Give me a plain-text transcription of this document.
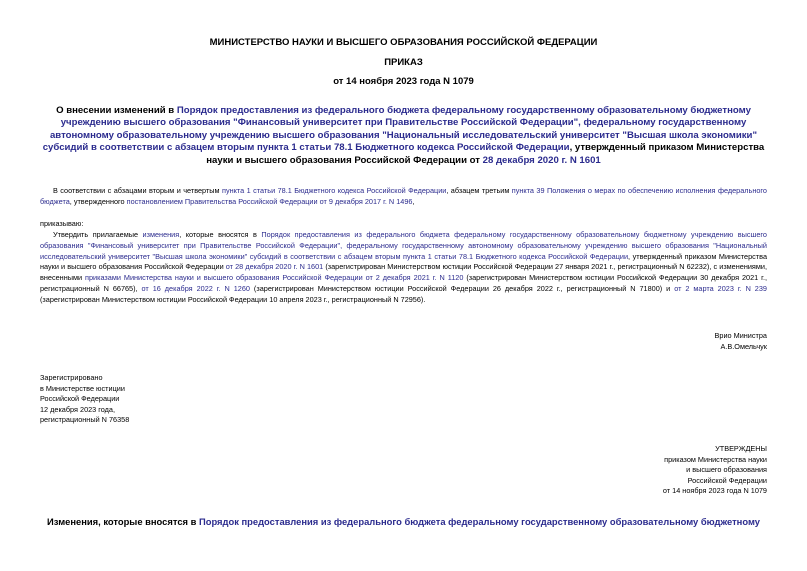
МИНИСТЕРСТВО НАУКИ И ВЫСШЕГО ОБРАЗОВАНИЯ РОССИЙСКОЙ ФЕДЕРАЦИИ
ПРИКАЗ
от 14 ноября 2023 года N 1079
О внесении изменений в Порядок предоставления из федерального бюджета федеральному государственному образовательному бюджетному учреждению высшего образования "Финансовый университет при Правительстве Российской Федерации", федеральному государственному автономному образовательному учреждению высшего образования "Национальный исследовательский университет "Высшая школа экономики" субсидий в соответствии с абзацем вторым пункта 1 статьи 78.1 Бюджетного кодекса Российской Федерации, утвержденный приказом Министерства науки и высшего образования Российской Федерации от 28 декабря 2020 г. N 1601
В соответствии с абзацами вторым и четвертым пункта 1 статьи 78.1 Бюджетного кодекса Российской Федерации, абзацем третьим пункта 39 Положения о мерах по обеспечению исполнения федерального бюджета, утвержденного постановлением Правительства Российской Федерации от 9 декабря 2017 г. N 1496,
приказываю:
Утвердить прилагаемые изменения, которые вносятся в Порядок предоставления из федерального бюджета федеральному государственному образовательному бюджетному учреждению высшего образования "Финансовый университет при Правительстве Российской Федерации", федеральному государственному автономному образовательному учреждению высшего образования "Национальный исследовательский университет "Высшая школа экономики" субсидий в соответствии с абзацем вторым пункта 1 статьи 78.1 Бюджетного кодекса Российской Федерации, утвержденный приказом Министерства науки и высшего образования Российской Федерации от 28 декабря 2020 г. N 1601 (зарегистрирован Министерством юстиции Российской Федерации 27 января 2021 г., регистрационный N 62232), с изменениями, внесенными приказами Министерства науки и высшего образования Российской Федерации от 2 декабря 2021 г. N 1120 (зарегистрирован Министерством юстиции Российской Федерации 30 декабря 2021 г., регистрационный N 66765), от 16 декабря 2022 г. N 1260 (зарегистрирован Министерством юстиции Российской Федерации 26 декабря 2022 г., регистрационный N 71800) и от 2 марта 2023 г. N 239 (зарегистрирован Министерством юстиции Российской Федерации 10 апреля 2023 г., регистрационный N 72956).
Врио Министра
А.В.Омельчук
Зарегистрировано
в Министерстве юстиции
Российской Федерации
12 декабря 2023 года,
регистрационный N 76358
УТВЕРЖДЕНЫ
приказом Министерства науки
и высшего образования
Российской Федерации
от 14 ноября 2023 года N 1079
Изменения, которые вносятся в Порядок предоставления из федерального бюджета федеральному государственному образовательному бюджетному
